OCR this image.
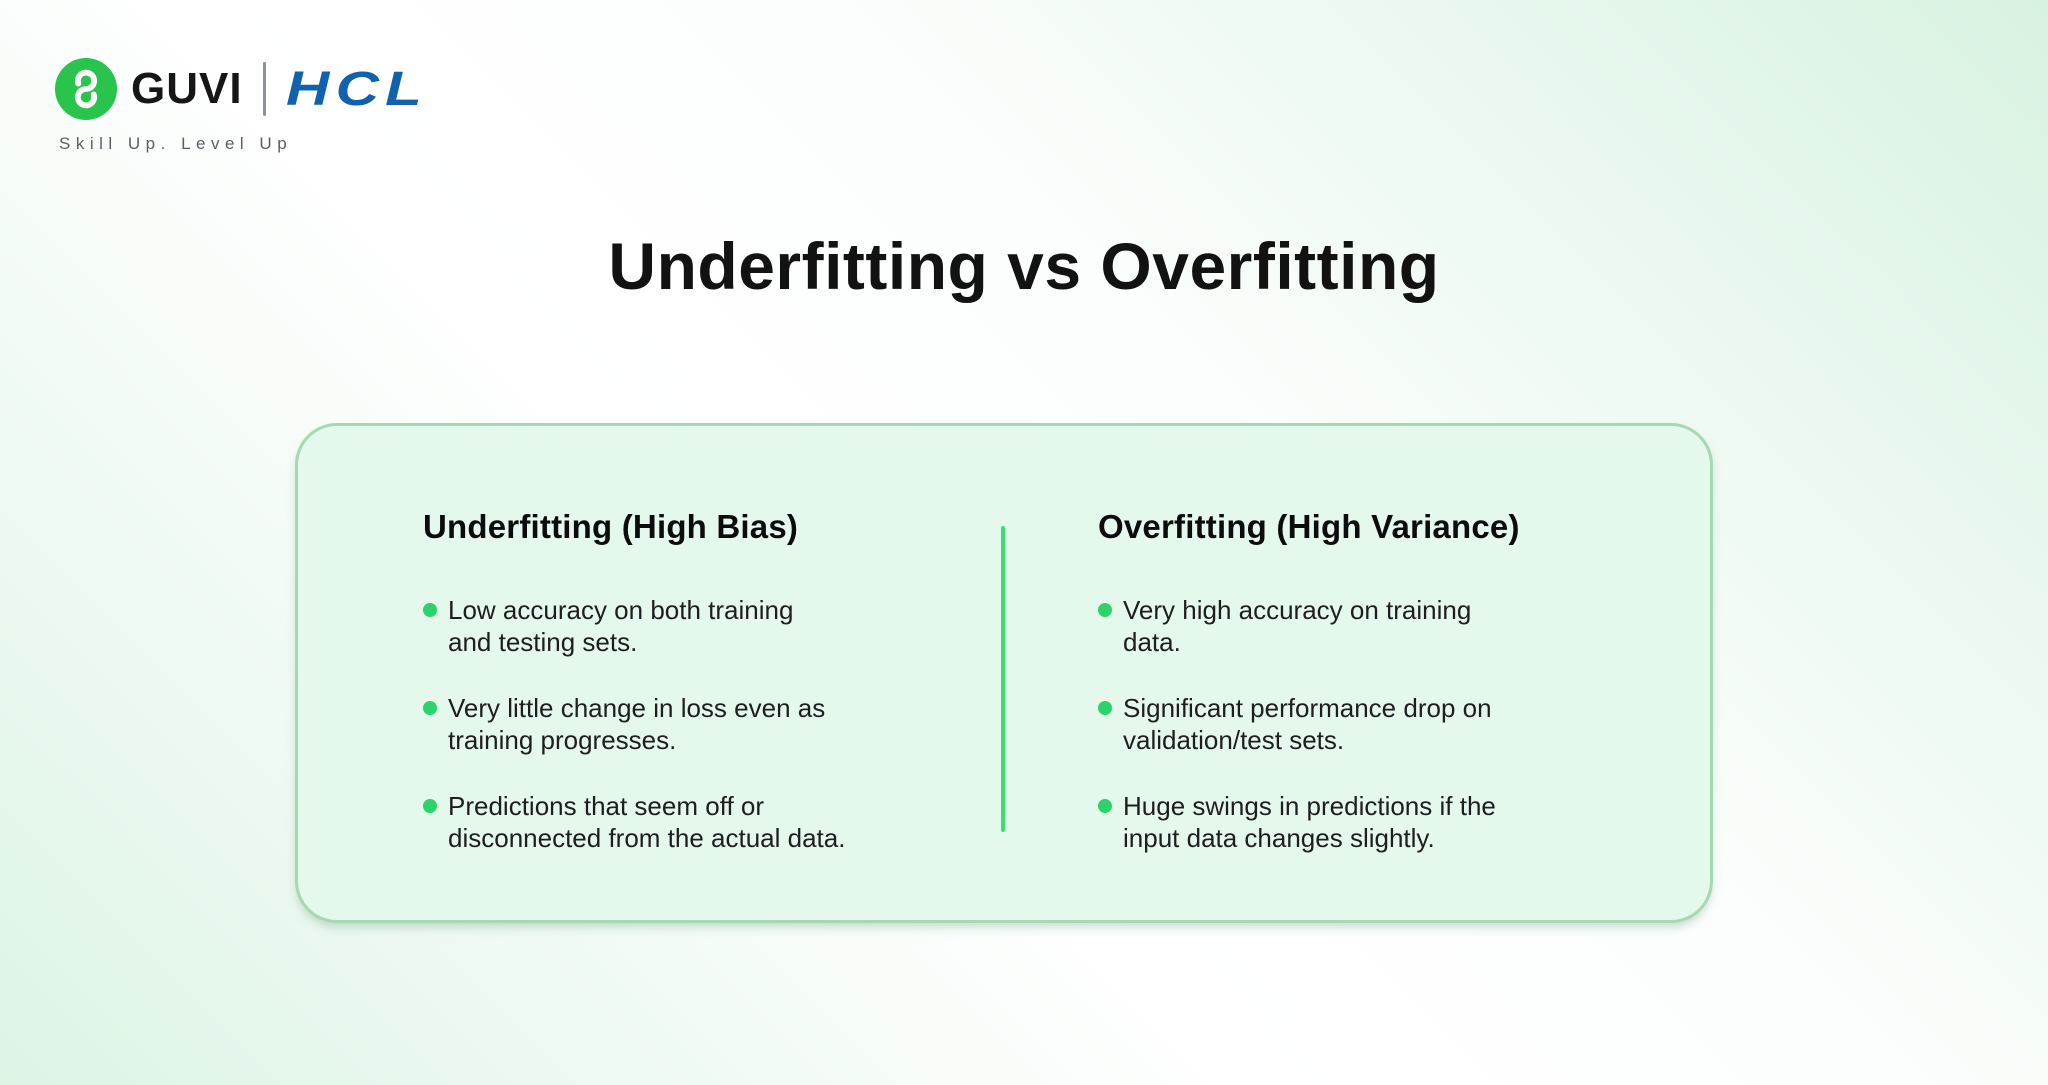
GUVI HCL
Skill Up. Level Up
Underfitting vs Overfitting
Underfitting (High Bias)
Low accuracy on both training
and testing sets.
Very little change in loss even as
training progresses.
Predictions that seem off or
disconnected from the actual data.
Overfitting (High Variance)
Very high accuracy on training
data.
Significant performance drop on
validation/test sets.
Huge swings in predictions if the
input data changes slightly.
